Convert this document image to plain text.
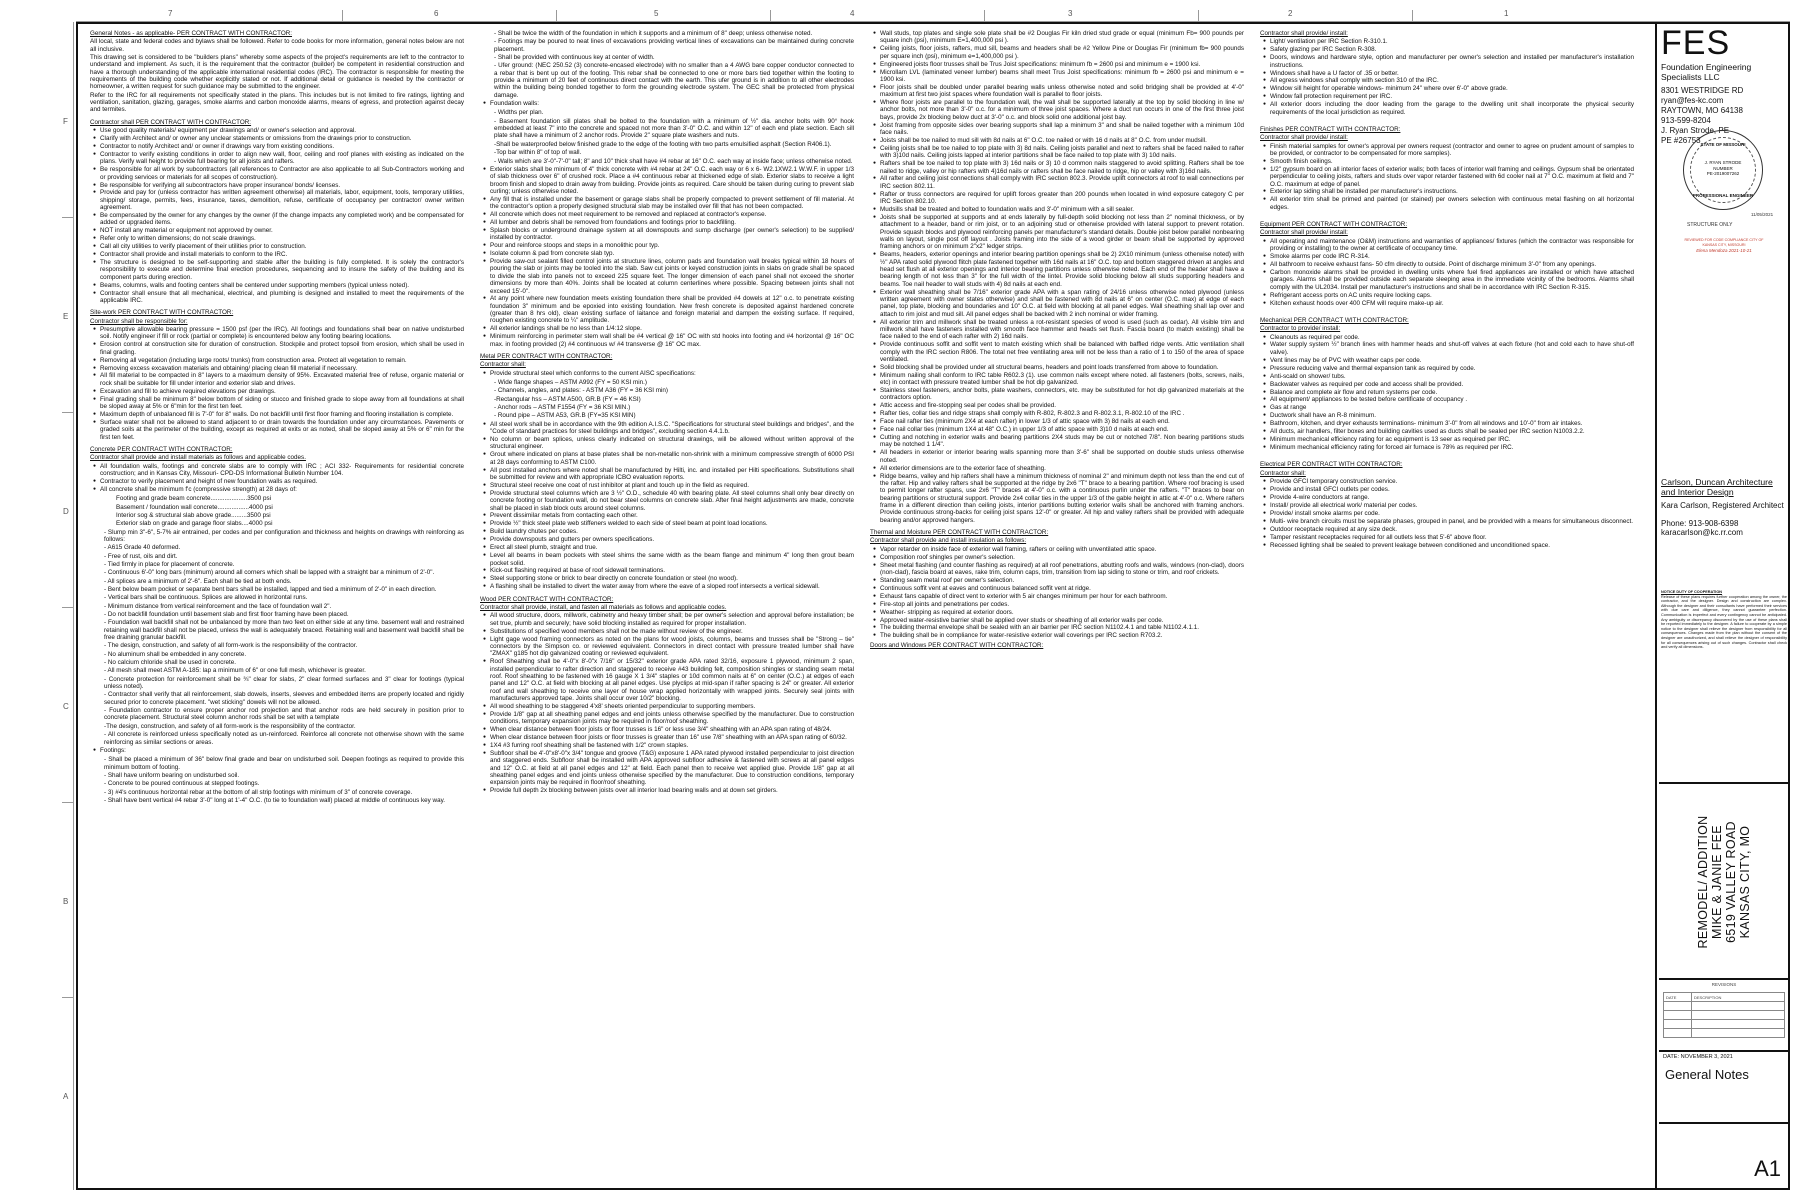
7	6	5	4	3	2	1
F
E
D
C
B
A

General Notes - as applicable- PER CONTRACT WITH CONTRACTOR:

All local, state and federal codes and bylaws shall be followed. Refer to code books for more information, general notes below are not all inclusive.

This drawing set is considered to be "builders plans" whereby some aspects of the project's requirements are left to the contractor to understand and implement. As such, it is the requirement that the contractor (builder) be competent in residential construction and have a thorough understanding of the applicable international residential codes (IRC). The contractor is responsible for meeting the requirements of the building code whether explicitly stated or not. If additional detail or guidance is needed by the contractor or homeowner, a written request for such guidance may be submitted to the engineer.

Refer to the IRC for all requirements not specifically stated in the plans. This includes but is not limited to fire ratings, lighting and ventilation, sanitation, glazing, garages, smoke alarms and carbon monoxide alarms, means of egress, and protection against decay and termites.

Contractor shall PER CONTRACT WITH CONTRACTOR:

● Use good quality materials/ equipment per drawings and/ or owner's selection and approval.
● Clarify with Architect and/ or owner any unclear statements or omissions from the drawings prior to construction.
● Contractor to notify Architect and/ or owner if drawings vary from existing conditions.
● Contractor to verify existing conditions in order to align new wall, floor, ceiling and roof planes with existing as indicated on the plans. Verify wall height to provide full bearing for all joists and rafters.
● Be responsible for all work by subcontractors (all references to Contractor are also applicable to all Sub-Contractors working and or providing services or materials for all scopes of construction).
● Be responsible for verifying all subcontractors have proper insurance/ bonds/ licenses.
● Provide and pay for (unless contractor has written agreement otherwise) all materials, labor, equipment, tools, temporary utilities, shipping/ storage, permits, fees, insurance, taxes, demolition, refuse, certificate of occupancy per contractor/ owner written agreement.
● Be compensated by the owner for any changes by the owner (if the change impacts any completed work) and be compensated for added or upgraded items.
● NOT install any material or equipment not approved by owner.
● Refer only to written dimensions; do not scale drawings.
● Call all city utilities to verify placement of their utilities prior to construction.
● Contractor shall provide and install materials to conform to the IRC.
● The structure is designed to be self-supporting and stable after the building is fully completed. It is solely the contractor's responsibility to execute and determine final erection procedures, sequencing and to insure the safety of the building and its component parts during erection.
● Beams, columns, walls and footing centers shall be centered under supporting members (typical unless noted).
● Contractor shall ensure that all mechanical, electrical, and plumbing is designed and installed to meet the requirements of the applicable IRC.

Site-work PER CONTRACT WITH CONTRACTOR:

Contractor shall be responsible for:

● Presumptive allowable bearing pressure = 1500 psf (per the IRC). All footings and foundations shall bear on native undisturbed soil. Notify engineer if fill or rock (partial or complete) is encountered below any footing bearing locations.
● Erosion control at construction site for duration of construction. Stockpile and protect topsoil from erosion, which shall be used in final grading.
● Removing all vegetation (including large roots/ trunks) from construction area. Protect all vegetation to remain.
● Removing excess excavation materials and obtaining/ placing clean fill material if necessary.
● All fill material to be compacted in 8" layers to a maximum density of 95%. Excavated material free of refuse, organic material or rock shall be suitable for fill under interior and exterior slab and drives.
● Excavation and fill to achieve required elevations per drawings.
● Final grading shall be minimum 8" below bottom of siding or stucco and finished grade to slope away from all foundations at shall be sloped away at 5% or 6"min for the first ten feet.
● Maximum depth of unbalanced fill is 7'-0" for 8" walls. Do not backfill until first floor framing and flooring installation is complete.
● Surface water shall not be allowed to stand adjacent to or drain towards the foundation under any circumstances. Pavements or graded soils at the perimeter of the building, except as required at exits or as noted, shall be sloped away at 5% or 6" min for the first ten feet.

Concrete PER CONTRACT WITH CONTRACTOR:

Contractor shall provide and install materials as follows and applicable codes.

● All foundation walls, footings and concrete slabs are to comply with IRC ; ACI 332- Requirements for residential concrete construction; and in Kansas City, Missouri- CPD-DS Informational Bulletin Number 104.
● Contractor to verify placement and height of new foundation walls as required.
● All concrete shall be minimum f'c (compressive strength) at 28 days of:

Footing and grade beam concrete.....................3500 psi

Basement / foundation wall concrete..................4000 psi

Interior sog & structural slab above grade.........3500 psi

Exterior slab on grade and garage floor slabs....4000 psi

- Slump min 3"-6", 5-7% air entrained, per codes and per configuration and thickness and heights on drawings with reinforcing as follows:

- A615 Grade 40 deformed.

- Free of rust, oils and dirt.

- Tied firmly in place for placement of concrete.

- Continuous 6'-0" long bars (minimum) around all corners which shall be lapped with a straight bar a minimum of 2'-0".

- All splices are a minimum of 2'-6". Each shall be tied at both ends.

- Bent below beam pocket or separate bent bars shall be installed, lapped and tied a minimum of 2'-0" in each direction.

- Vertical bars shall be continuous. Splices are allowed in horizontal runs.

- Minimum distance from vertical reinforcement and the face of foundation wall 2".

- Do not backfill foundation until basement slab and first floor framing have been placed.

- Foundation wall backfill shall not be unbalanced by more than two feet on either side at any time. basement wall and restrained retaining wall backfill shall not be placed, unless the wall is adequately braced. Retaining wall and basement wall backfill shall be free draining granular backfill.

- The design, construction, and safety of all form-work is the responsibility of the contractor.

- No aluminum shall be embedded in any concrete.

- No calcium chloride shall be used in concrete.

- All mesh shall meet ASTM A-185: lap a minimum of 6" or one full mesh, whichever is greater.

- Concrete protection for reinforcement shall be ¾" clear for slabs, 2" clear formed surfaces and 3" clear for footings (typical unless noted).

- Contractor shall verify that all reinforcement, slab dowels, inserts, sleeves and embedded items are properly located and rigidly secured prior to concrete placement. "wet sticking" dowels will not be allowed.

- Foundation contractor to ensure proper anchor rod projection and that anchor rods are held securely in position prior to concrete placement. Structural steel column anchor rods shall be set with a template

-The design, construction, and safety of all form-work is the responsibility of the contractor.

- All concrete is reinforced unless specifically noted as un-reinforced. Reinforce all concrete not otherwise shown with the same reinforcing as similar sections or areas.

● Footings:

- Shall be placed a minimum of 36" below final grade and bear on undisturbed soil. Deepen footings as required to provide this minimum bottom of footing.

- Shall have uniform bearing on undisturbed soil.

- Concrete to be poured continuous at stepped footings.

- 3) #4's continuous horizontal rebar at the bottom of all strip footings with minimum of 3" of concrete coverage.

- Shall have bent vertical #4 rebar 3'-0" long at 1'-4" O.C. (to tie to foundation wall) placed at middle of continuous key way.

- Shall be twice the width of the foundation in which it supports and a minimum of 8" deep; unless otherwise noted.

- Footings may be poured to neat lines of excavations providing vertical lines of excavations can be maintained during concrete placement.

- Shall be provided with continuous key at center of width.

- Ufer ground: (NEC 250.52 (3) concrete-encased electrode) with no smaller than a 4 AWG bare copper conductor connected to a rebar that is bent up out of the footing. This rebar shall be connected to one or more bars tied together within the footing to provide a minimum of 20 feet of continuous direct contact with the earth. This ufer ground is in addition to all other electrodes within the building being bonded together to form the grounding electrode system. The GEC shall be protected from physical damage.

● Foundation walls:

- Widths per plan.

- Basement foundation sill plates shall be bolted to the foundation with a minimum of ½" dia. anchor bolts with 90° hook embedded at least 7" into the concrete and spaced not more than 3'-0" O.C. and within 12" of each end plate section. Each sill plate shall have a minimum of 2 anchor rods. Provide 2" square plate washers and nuts.

-Shall be waterproofed below finished grade to the edge of the footing with two parts emulsified asphalt (Section R406.1).

-Top bar within 8" of top of wall.

- Walls which are 3'-0"-7'-0" tall; 8" and 10" thick shall have #4 rebar at 16" O.C. each way at inside face; unless otherwise noted.

● Exterior slabs shall be minimum of 4" thick concrete with #4 rebar at 24" O.C. each way or 6 x 6- W2.1XW2.1 W.W.F. in upper 1/3 of slab thickness over 6" of crushed rock. Place a #4 continuous rebar at thickened edge of slab. Exterior slabs to receive a light broom finish and sloped to drain away from building. Provide joints as required. Care should be taken during curing to prevent slab curling; unless otherwise noted.
● Any fill that is installed under the basement or garage slabs shall be properly compacted to prevent settlement of fill material. At the contractor's option a properly designed structural slab may be installed over fill that has not been compacted.
● All concrete which does not meet requirement to be removed and replaced at contractor's expense.
● All lumber and debris shall be removed from foundations and footings prior to backfilling.
● Splash blocks or underground drainage system at all downspouts and sump discharge (per owner's selection) to be supplied/ installed by contractor.
● Pour and reinforce stoops and steps in a monolithic pour typ.
● Isolate column & pad from concrete slab typ.
● Provide saw-cut sealant filled control joints at structure lines, column pads and foundation wall breaks typical within 18 hours of pouring the slab or joints may be tooled into the slab. Saw cut joints or keyed construction joints in slabs on grade shall be spaced to divide the slab into panels not to exceed 225 square feet. The longer dimension of each panel shall not exceed the shorter dimensions by more than 40%. Joints shall be located at column centerlines where possible. Spacing between joints shall not exceed 15'-0".
● At any point where new foundation meets existing foundation there shall be provided #4 dowels at 12" o.c. to penetrate existing foundation 3" minimum and be epoxied into existing foundation. New fresh concrete is deposited against hardened concrete (greater than 8 hrs old), clean existing surface of laitance and foreign material and dampen the existing surface. If required, roughen existing concrete to ¼" amplitude.
● All exterior landings shall be no less than 1/4:12 slope.
● Minimum reinforcing in perimeter stem wall shall be #4 vertical @ 16" OC with std hooks into footing and #4 horizontal @ 16" OC max. in footing provided (2) #4 continuous w/ #4 transverse @ 16" OC max.

Metal PER CONTRACT WITH CONTRACTOR:

Contractor shall:

● Provide structural steel which conforms to the current AISC specifications:

- Wide flange shapes – ASTM A992 (FY = 50 KSI min.)

- Channels, angles, and plates: - ASTM A36 (FY = 36 KSI min)

-Rectangular hss – ASTM A500, GR.B (FY = 46 KSI)

- Anchor rods – ASTM F1554 (FY = 36 KSI MIN.)

- Round pipe – ASTM A53, GR.B (FY=35 KSI MIN)

● All steel work shall be in accordance with the 9th edition A.I.S.C. "Specifications for structural steel buildings and bridges", and the "Code of standard practices for steel buildings and bridges", excluding section 4.4.1.b.
● No column or beam splices, unless clearly indicated on structural drawings, will be allowed without written approval of the structural engineer.
● Grout where indicated on plans at base plates shall be non-metallic non-shrink with a minimum compressive strength of 6000 PSI at 28 days conforming to ASTM C100.
● All post installed anchors where noted shall be manufactured by Hilti, inc. and installed per Hilti specifications. Substitutions shall be submitted for review and with appropriate ICBO evaluation reports.
● Structural steel receive one coat of rust inhibitor at plant and touch up in the field as required.
● Provide structural steel columns which are 3 ½" O.D., schedule 40 with bearing plate. All steel columns shall only bear directly on concrete footing or foundation wall, do not bear steel columns on concrete slab. After final height adjustments are made, concrete shall be placed in slab block outs around steel columns.
● Prevent dissimilar metals from contacting each other.
● Provide ½" thick steel plate web stiffeners welded to each side of steel beam at point load locations.
● Build laundry chutes per codes.
● Provide downspouts and gutters per owners specifications.
● Erect all steel plumb, straight and true.
● Level all beams in beam pockets with steel shims the same width as the beam flange and minimum 4" long then grout beam pocket solid.
● Kick-out flashing required at base of roof sidewall terminations.
● Steel supporting stone or brick to bear directly on concrete foundation or steel (no wood).
● A flashing shall be installed to divert the water away from where the eave of a sloped roof intersects a vertical sidewall.

Wood PER CONTRACT WITH CONTRACTOR:

Contractor shall provide, install, and fasten all materials as follows and applicable codes.

● All wood structure, doors, millwork, cabinetry and heavy timber shall; be per owner's selection and approval before installation; be set true, plumb and securely; have solid blocking installed as required for proper installation.
● Substitutions of specified wood members shall not be made without review of the engineer.
● Light gage wood framing connectors as noted on the plans for wood joists, columns, beams and trusses shall be "Strong – tie" connectors by the Simpson co. or reviewed equivalent. Connectors in direct contact with pressure treated lumber shall have "ZMAX" g185 hot dip galvanized coating or reviewed equivalent.
● Roof Sheathing shall be 4'-0"x 8'-0"x 7/16" or 15/32" exterior grade APA rated 32/16, exposure 1 plywood, minimum 2 span, installed perpendicular to rafter direction and staggered to receive #43 building felt, composition shingles or standing seam metal roof. Roof sheathing to be fastened with 16 gauge X 1 3/4" staples or 10d common nails at 6" on center (O.C.) at edges of each panel and 12" O.C. at field with blocking at all panel edges. Use plyclips at mid-span if rafter spacing is 24" or greater. All exterior roof and wall sheathing to receive one layer of house wrap applied horizontally with wrapped joints. Securely seal joints with manufacturers approved tape. Joints shall occur over 10/2" blocking.
● All wood sheathing to be staggered 4'x8' sheets oriented perpendicular to supporting members.
● Provide 1/8" gap at all sheathing panel edges and end joints unless otherwise specified by the manufacturer. Due to construction conditions, temporary expansion joints may be required in floor/roof sheathing.
● When clear distance between floor joists or floor trusses is 16" or less use 3/4" sheathing with an APA span rating of 48/24.
● When clear distance between floor joists or floor trusses is greater than 16" use 7/8" sheathing with an APA span rating of 60/32.
● 1X4 #3 furring roof sheathing shall be fastened with 1/2" crown staples.
● Subfloor shall be 4'-0"x8'-0"x 3/4" tongue and groove (T&G) exposure 1 APA rated plywood installed perpendicular to joist direction and staggered ends. Subfloor shall be installed with APA approved subfloor adhesive & fastened with screws at all panel edges and 12" O.C. at field at all panel edges and 12" at field. Each panel then to receive wet applied glue. Provide 1/8" gap at all sheathing panel edges and end joints unless otherwise specified by the manufacturer. Due to construction conditions, temporary expansion joints may be required in floor/roof sheathing.
● Provide full depth 2x blocking between joists over all interior load bearing walls and at down set girders.
● Wall studs, top plates and single sole plate shall be #2 Douglas Fir kiln dried stud grade or equal (minimum Fb= 900 pounds per square inch (psi), minimum E=1,400,000 psi ).
● Ceiling joists, floor joists, rafters, mud sill, beams and headers shall be #2 Yellow Pine or Douglas Fir (minimum fb= 900 pounds per square inch (psi), minimum e=1,400,000 psi ).
● Engineered joists floor trusses shall be Trus Joist specifications: minimum fb = 2600 psi and minimum e = 1900 ksi.
● Microllam LVL (laminated veneer lumber) beams shall meet Trus Joist specifications: minimum fb = 2600 psi and minimum e = 1900 ksi.
● Floor joists shall be doubled under parallel bearing walls unless otherwise noted and solid bridging shall be provided at 4'-0" maximum at first two joist spaces where foundation wall is parallel to floor joists.
● Where floor joists are parallel to the foundation wall, the wall shall be supported laterally at the top by solid blocking in line w/ anchor bolts, not more than 3'-0" o.c. for a minimum of three joist spaces. Where a duct run occurs in one of the first three joist bays, provide 2x blocking below duct at 3'-0" o.c. and block solid one additional joist bay.
● Joist framing from opposite sides over bearing supports shall lap a minimum 3" and shall be nailed together with a minimum 10d face nails.
● Joists shall be toe nailed to mud sill with 8d nails at 6" O.C. toe nailed or with 16 d nails at 8" O.C. from under mudsill.
● Ceiling joists shall be toe nailed to top plate with 3) 8d nails. Ceiling joists parallel and next to rafters shall be faced nailed to rafter with 3)10d nails. Ceiling joists lapped at interior partitions shall be face nailed to top plate with 3) 10d nails.
● Rafters shall be toe nailed to top plate with 3) 16d nails or 3) 10 d common nails staggered to avoid splitting. Rafters shall be toe nailed to ridge, valley or hip rafters with 4)16d nails or rafters shall be face nailed to ridge, hip or valley with 3)16d nails.
● All rafter and ceiling joist connections shall comply with IRC section 802.3. Provide uplift connectors at roof to wall connections per IRC section 802.11.
● Rafter or truss connectors are required for uplift forces greater than 200 pounds when located in wind exposure category C per IRC Section 802.10.
● Mudsills shall be treated and bolted to foundation walls and 3'-0" minimum with a sill sealer.
● Joists shall be supported at supports and at ends laterally by full-depth solid blocking not less than 2" nominal thickness, or by attachment to a header, band or rim joist, or to an adjoining stud or otherwise provided with lateral support to prevent rotation. Provide squash blocks and plywood reinforcing panels per manufacturer's standard details. Double joist below parallel nonbearing walls on layout, single post off layout . Joists framing into the side of a wood girder or beam shall be supported by approved framing anchors or on minimum 2"x2" ledger strips.
● Beams, headers, exterior openings and interior bearing partition openings shall be 2) 2X10 minimum (unless otherwise noted) with ½" APA rated solid plywood flitch plate fastened together with 16d nails at 16" O.C. top and bottom staggered driven at angles and head set flush at all exterior openings and interior bearing partitions unless otherwise noted. Each end of the header shall have a bearing length of not less than 3" for the full width of the lintel. Provide solid blocking below all studs supporting headers and beams. Toe nail header to wall studs with 4) 8d nails at each end.
● Exterior wall sheathing shall be 7/16" exterior grade APA with a span rating of 24/16 unless otherwise noted plywood (unless written agreement with owner states otherwise) and shall be fastened with 8d nails at 6" on center (O.C. max) at edge of each panel, top plate, blocking and boundaries and 10" O.C. at field with blocking at all panel edges. Wall sheathing shall lap over and attach to rim joist and mud sill. All panel edges shall be backed with 2 inch nominal or wider framing.
● All exterior trim and millwork shall be treated unless a rot-resistant species of wood is used (such as cedar). All visible trim and millwork shall have fasteners installed with smooth face hammer and heads set flush. Fascia board (to match existing) shall be face nailed to the end of each rafter with 2) 16d nails.
● Provide continuous soffit and soffit vent to match existing which shall be balanced with baffled ridge vents. Attic ventilation shall comply with the IRC section R806. The total net free ventilating area will not be less than a ratio of 1 to 150 of the area of space ventilated.
● Solid blocking shall be provided under all structural beams, headers and point loads transferred from above to foundation.
● Minimum nailing shall conform to IRC table R602.3 (1). use common nails except where noted. all fasteners (bolts, screws, nails, etc) in contact with pressure treated lumber shall be hot dip galvanized.
● Stainless steel fasteners, anchor bolts, plate washers, connectors, etc. may be substituted for hot dip galvanized materials at the contractors option.
● Attic access and fire-stopping seal per codes shall be provided.
● Rafter ties, collar ties and ridge straps shall comply with R-802, R-802.3 and R-802.3.1, R-802.10 of the IRC .
● Face nail rafter ties (minimum 2X4 at each rafter) in lower 1/3 of attic space with 3) 8d nails at each end.
● Face nail collar ties (minimum 1X4 at 48" O.C.) in upper 1/3 of attic space with 3)10 d nails at each end.
● Cutting and notching in exterior walls and bearing partitions 2X4 studs may be cut or notched 7/8". Non bearing partitions studs may be notched 1 1/4".
● All headers in exterior or interior bearing walls spanning more than 3'-6" shall be supported on double studs unless otherwise noted.
● All exterior dimensions are to the exterior face of sheathing.
● Ridge beams, valley and hip rafters shall have a minimum thickness of nominal 2" and minimum depth not less than the end cut of the rafter. Hip and valley rafters shall be supported at the ridge by 2x6 "T" brace to a bearing partition. Where roof bracing is used to permit longer rafter spans, use 2x6 "T" braces at 4'-0" o.c. with a continuous purlin under the rafters. "T" braces to bear on bearing partitions or structural support. Provide 2x4 collar ties in the upper 1/3 of the gable height in attic at 4'-0" o.c. Where rafters frame in a different direction than ceiling joists, interior partitions butting exterior walls shall be anchored with framing anchors. Provide continuous strong-backs for ceiling joist spans 12'-0" or greater. All hip and valley rafters shall be provided with adequate bearing and/or approved hangers.

Thermal and Moisture PER CONTRACT WITH CONTRACTOR:

Contractor shall provide and install insulation as follows:

● Vapor retarder on inside face of exterior wall framing, rafters or ceiling with unventilated attic space.
● Composition roof shingles per owner's selection.
● Sheet metal flashing (and counter flashing as required) at all roof penetrations, abutting roofs and walls, windows (non-clad), doors (non-clad), fascia board at eaves, rake trim, column caps, trim, transition from lap siding to stone or trim, and roof crickets.
● Standing seam metal roof per owner's selection.
● Continuous soffit vent at eaves and continuous balanced soffit vent at ridge.
● Exhaust fans capable of direct vent to exterior with 5 air changes minimum per hour for each bathroom.
● Fire-stop all joints and penetrations per codes.
● Weather- stripping as required at exterior doors.
● Approved water-resistive barrier shall be applied over studs or sheathing of all exterior walls per code.
● The building thermal envelope shall be sealed with an air barrier per IRC section N1102.4.1 and table N1102.4.1.1.
● The building shall be in compliance for water-resistive exterior wall coverings per IRC section R703.2.

Doors and Windows PER CONTRACT WITH CONTRACTOR:

Contractor shall provide/ install:

● Light/ ventilation per IRC Section R-310.1.
● Safety glazing per IRC Section R-308.
● Doors, windows and hardware style, option and manufacturer per owner's selection and installed per manufacturer's installation instructions.
● Windows shall have a U factor of .35 or better.
● All egress windows shall comply with section 310 of the IRC.
● Window sill height for operable windows- minimum 24" where over 6'-0" above grade.
● Window fall protection requirement per IRC.
● All exterior doors including the door leading from the garage to the dwelling unit shall incorporate the physical security requirements of the local jurisdiction as required.

Finishes PER CONTRACT WITH CONTRACTOR:

Contractor shall provide/ install:

● Finish material samples for owner's approval per owners request (contractor and owner to agree on prudent amount of samples to be provided, or contractor to be compensated for more samples).
● Smooth finish ceilings.
● 1/2" gypsum board on all interior faces of exterior walls; both faces of interior wall framing and ceilings. Gypsum shall be orientated perpendicular to ceiling joists, rafters and studs over vapor retarder fastened with 6d cooler nail at 7" O.C. maximum at field and 7" O.C. maximum at edge of panel.
● Exterior lap siding shall be installed per manufacturer's instructions.
● All exterior trim shall be primed and painted (or stained) per owners selection with continuous metal flashing on all horizontal edges.

Equipment PER CONTRACT WITH CONTRACTOR:

Contractor shall provide/ install:

● All operating and maintenance (O&M) instructions and warranties of appliances/ fixtures (which the contractor was responsible for providing or installing) to the owner at certificate of occupancy time.
● Smoke alarms per code IRC R-314.
● All bathroom to receive exhaust fans- 50 cfm directly to outside. Point of discharge minimum 3'-0" from any openings.
● Carbon monoxide alarms shall be provided in dwelling units where fuel fired appliances are installed or which have attached garages. Alarms shall be provided outside each separate sleeping area in the immediate vicinity of the bedrooms. Alarms shall comply with the UL2034. Install per manufacturer's instructions and shall be in accordance with IRC Section R-315.
● Refrigerant access ports on AC units require locking caps.
● Kitchen exhaust hoods over 400 CFM will require make-up air.

Mechanical PER CONTRACT WITH CONTRACTOR:

Contractor to provide/ install:

● Cleanouts as required per code.
● Water supply system ½" branch lines with hammer heads and shut-off valves at each fixture (hot and cold each to have shut-off valve).
● Vent lines may be of PVC with weather caps per code.
● Pressure reducing valve and thermal expansion tank as required by code.
● Anti-scald on shower/ tubs.
● Backwater valves as required per code and access shall be provided.
● Balance and complete air flow and return systems per code.
● All equipment/ appliances to be tested before certificate of occupancy .
● Gas at range
● Ductwork shall have an R-8 minimum.
● Bathroom, kitchen, and dryer exhausts terminations- minimum 3'-0" from all windows and 10'-0" from air intakes.
● All ducts, air handlers, filter boxes and building cavities used as ducts shall be sealed per IRC section N1003.2.2.
● Minimum mechanical efficiency rating for ac equipment is 13 seer as required per IRC.
● Minimum mechanical efficiency rating for forced air furnace is 78% as required per IRC.

Electrical PER CONTRACT WITH CONTRACTOR:

Contractor shall:

● Provide GFCI temporary construction service.
● Provide and install GFCI outlets per codes.
● Provide 4-wire conductors at range.
● Install/ provide all electrical work/ material per codes.
● Provide/ install smoke alarms per code.
● Multi- wire branch circuits must be separate phases, grouped in panel, and be provided with a means for simultaneous disconnect.
● Outdoor receptacle required at any size deck.
● Tamper resistant receptacles required for all outlets less that 5'-6" above floor.
● Recessed lighting shall be sealed to prevent leakage between conditioned and unconditioned space.
FES
Foundation Engineering Specialists LLC
8301 WESTRIDGE RD
ryan@fes-kc.com
RAYTOWN, MO 64138
913-599-8204
J. Ryan Strode, PE
PE #26753 STATE OF MISSOURI
J. RYAN STRODE
NUMBER
PE-2019007262
PROFESSIONAL ENGINEER
11/05/2021
STRUCTURE ONLY
REVIEWED FOR CODE COMPLIANCE CITY OF KANSAS CITY, MISSOURI
Elena Mendoza 2021-10-21
Carlson, Duncan Architecture and Interior Design
Kara Carlson, Registered Architect
Phone: 913-908-6398
karacarlson@kc.rr.com
NOTICE DUTY OF COOPERATION
Release of these plans requires further cooperation among the owner, the contractor, and the designer. Design and construction are complex. Although the designer and their consultants have performed their services with due care and diligence, they cannot guarantee perfection. Communication is imperfect and every contingency cannot be anticipated. Any ambiguity or discrepancy discovered by the use of these plans shall be reported immediately to the designer. A failure to cooperate by a simple notice to the designer shall relieve the designer from responsibility for all consequences. Changes made from the plan without the consent of the designer are unauthorized, and shall relieve the designer of responsibility for all consequences arising out of such changes. Contractor shall check and verify all dimensions.
REMODEL/ ADDITION MIKE & JANIE FEE 6519 VALLEY ROAD KANSAS CITY, MO
REVISIONS
DATE	DESCRIPTION

DATE: NOVEMBER 3, 2021
General Notes
A1
